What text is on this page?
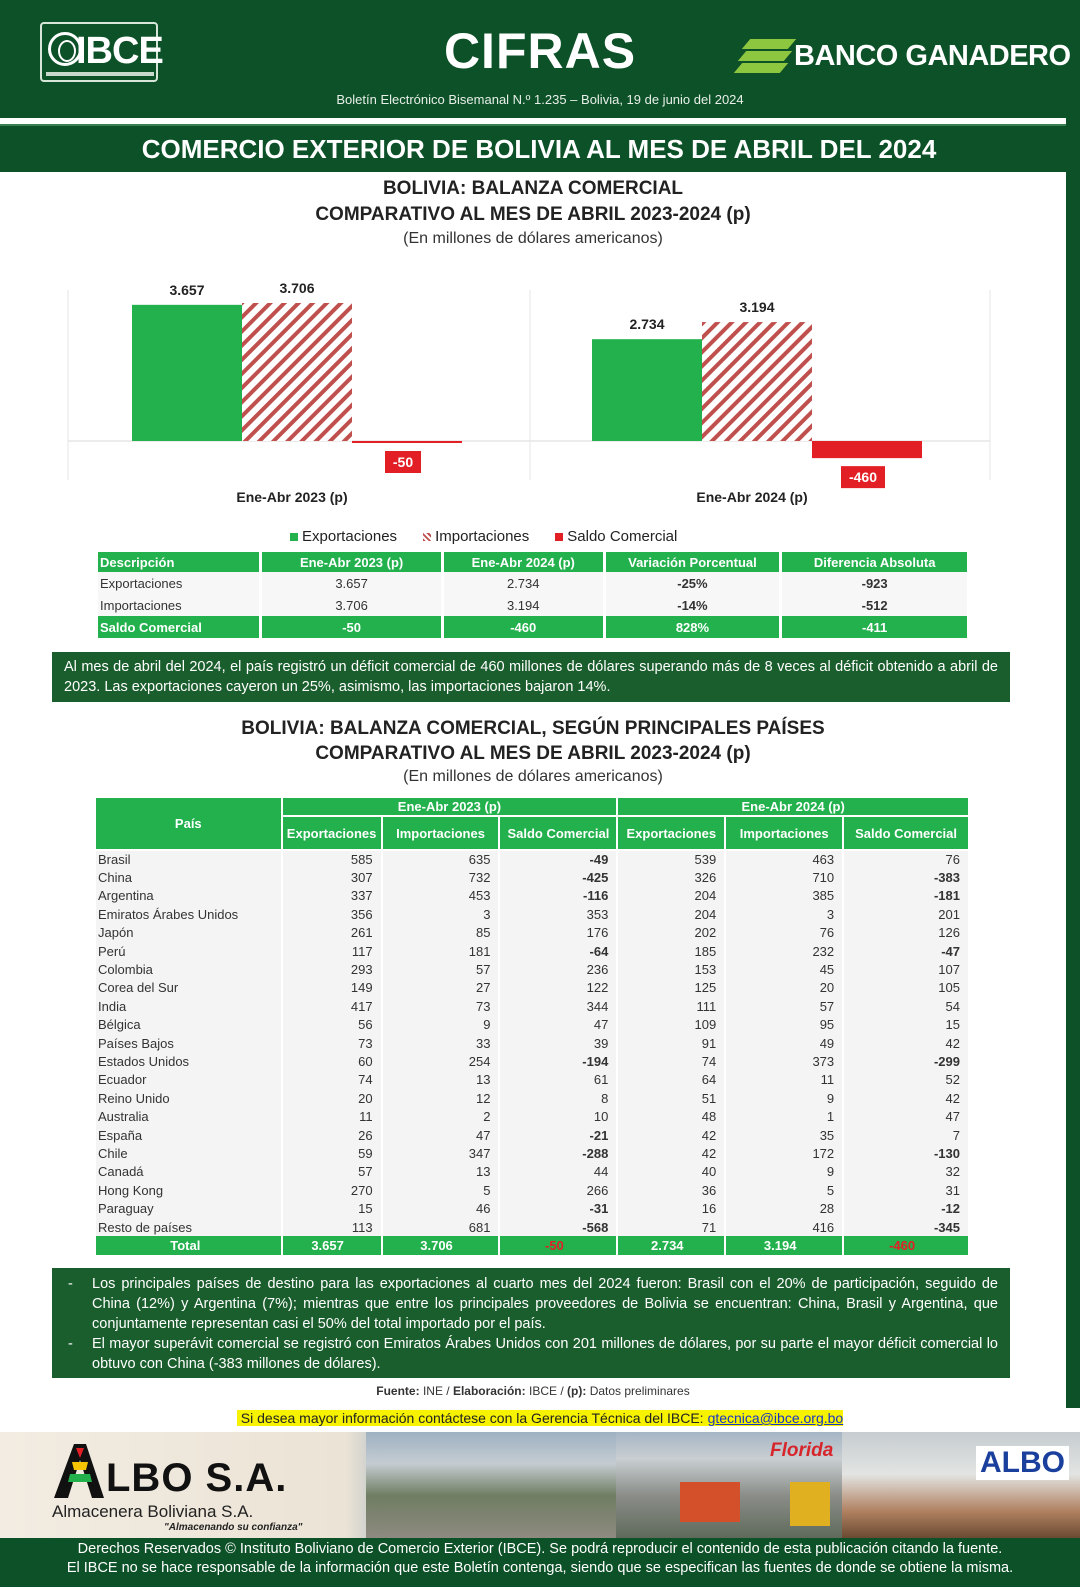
IBCE	CIFRAS	BANCO GANADERO
Boletín Electrónico Bisemanal N.º 1.235 – Bolivia, 19 de junio del 2024
COMERCIO EXTERIOR DE BOLIVIA AL MES DE ABRIL DEL 2024
BOLIVIA: BALANZA COMERCIAL
COMPARATIVO AL MES DE ABRIL 2023-2024 (p)
(En millones de dólares americanos)
3.657	3.706
-50
Ene-Abr 2023 (p)
2.734
3.194
-460
Ene-Abr 2024 (p)
Exportaciones	Importaciones	Saldo Comercial
Descripción	Ene-Abr 2023 (p)	Ene-Abr 2024 (p)	Variación Porcentual	Diferencia Absoluta
Exportaciones	3.657	2.734	-25%	-923
Importaciones	3.706	3.194	-14%	-512
Saldo Comercial	-50	-460	828%	-411
Al mes de abril del 2024, el país registró un déficit comercial de 460 millones de dólares superando más de 8 veces al déficit obtenido a abril de 2023. Las exportaciones cayeron un 25%, asimismo, las importaciones bajaron 14%.
BOLIVIA: BALANZA COMERCIAL, SEGÚN PRINCIPALES PAÍSES
COMPARATIVO AL MES DE ABRIL 2023-2024 (p)
(En millones de dólares americanos)
País	Ene-Abr 2023 (p)			Ene-Abr 2024 (p)		
	Exportaciones	Importaciones	Saldo Comercial	Exportaciones	Importaciones	Saldo Comercial
Brasil	585	635	-49	539	463	76
China	307	732	-425	326	710	-383
Argentina	337	453	-116	204	385	-181
Emiratos Árabes Unidos	356	3	353	204	3	201
Japón	261	85	176	202	76	126
Perú	117	181	-64	185	232	-47
Colombia	293	57	236	153	45	107
Corea del Sur	149	27	122	125	20	105
India	417	73	344	111	57	54
Bélgica	56	9	47	109	95	15
Países Bajos	73	33	39	91	49	42
Estados Unidos	60	254	-194	74	373	-299
Ecuador	74	13	61	64	11	52
Reino Unido	20	12	8	51	9	42
Australia	11	2	10	48	1	47
España	26	47	-21	42	35	7
Chile	59	347	-288	42	172	-130
Canadá	57	13	44	40	9	32
Hong Kong	270	5	266	36	5	31
Paraguay	15	46	-31	16	28	-12
Resto de países	113	681	-568	71	416	-345
Total	3.657	3.706	-50	2.734	3.194	-460
-	Los principales países de destino para las exportaciones al cuarto mes del 2024 fueron: Brasil con el 20% de participación, seguido de China (12%) y Argentina (7%); mientras que entre los principales proveedores de Bolivia se encuentran: China, Brasil y Argentina, que conjuntamente representan casi el 50% del total importado por el país.
-	El mayor superávit comercial se registró con Emiratos Árabes Unidos con 201 millones de dólares, por su parte el mayor déficit comercial lo obtuvo con China (-383 millones de dólares).
Fuente: INE / Elaboración: IBCE / (p): Datos preliminares
Si desea mayor información contáctese con la Gerencia Técnica del IBCE: gtecnica@ibce.org.bo
Florida	ALBO
LBO S.A.
Almacenera Boliviana S.A.
"Almacenando su confianza"
Derechos Reservados © Instituto Boliviano de Comercio Exterior (IBCE). Se podrá reproducir el contenido de esta publicación citando la fuente.
El IBCE no se hace responsable de la información que este Boletín contenga, siendo que se especifican las fuentes de donde se obtiene la misma.
